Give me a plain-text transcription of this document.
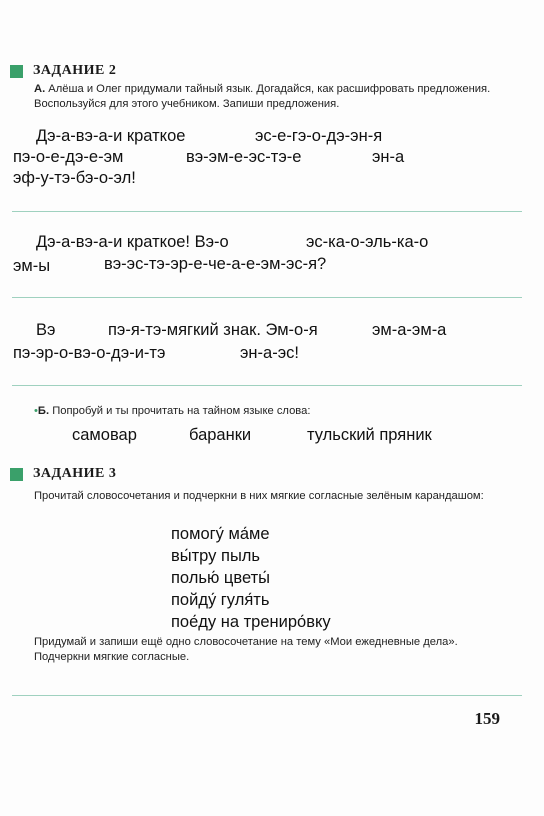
ЗАДАНИЕ 2
А. Алёша и Олег придумали тайный язык. Догадайся, как расшифровать предложения. Воспользуйся для этого учебником. Запиши предложения.
Дэ-а-вэ-а-и краткое	эс-е-гэ-о-дэ-эн-я
пэ-о-е-дэ-е-эм	вэ-эм-е-эс-тэ-е	эн-а
эф-у-тэ-бэ-о-эл!
Дэ-а-вэ-а-и краткое! Вэ-о	эс-ка-о-эль-ка-о
эм-ы	вэ-эс-тэ-эр-е-че-а-е-эм-эс-я?
Вэ	пэ-я-тэ-мягкий знак. Эм-о-я	эм-а-эм-а
пэ-эр-о-вэ-о-дэ-и-тэ	эн-а-эс!
•Б. Попробуй и ты прочитать на тайном языке слова:
самовар	баранки	тульский пряник
ЗАДАНИЕ 3
Прочитай словосочетания и подчеркни в них мягкие согласные зелёным карандашом:
помогу́ ма́ме
вы́тру пыль
полью́ цветы́
пойду́ гуля́ть
пое́ду на трениро́вку
Придумай и запиши ещё одно словосочетание на тему «Мои ежедневные дела». Подчеркни мягкие согласные.
159
